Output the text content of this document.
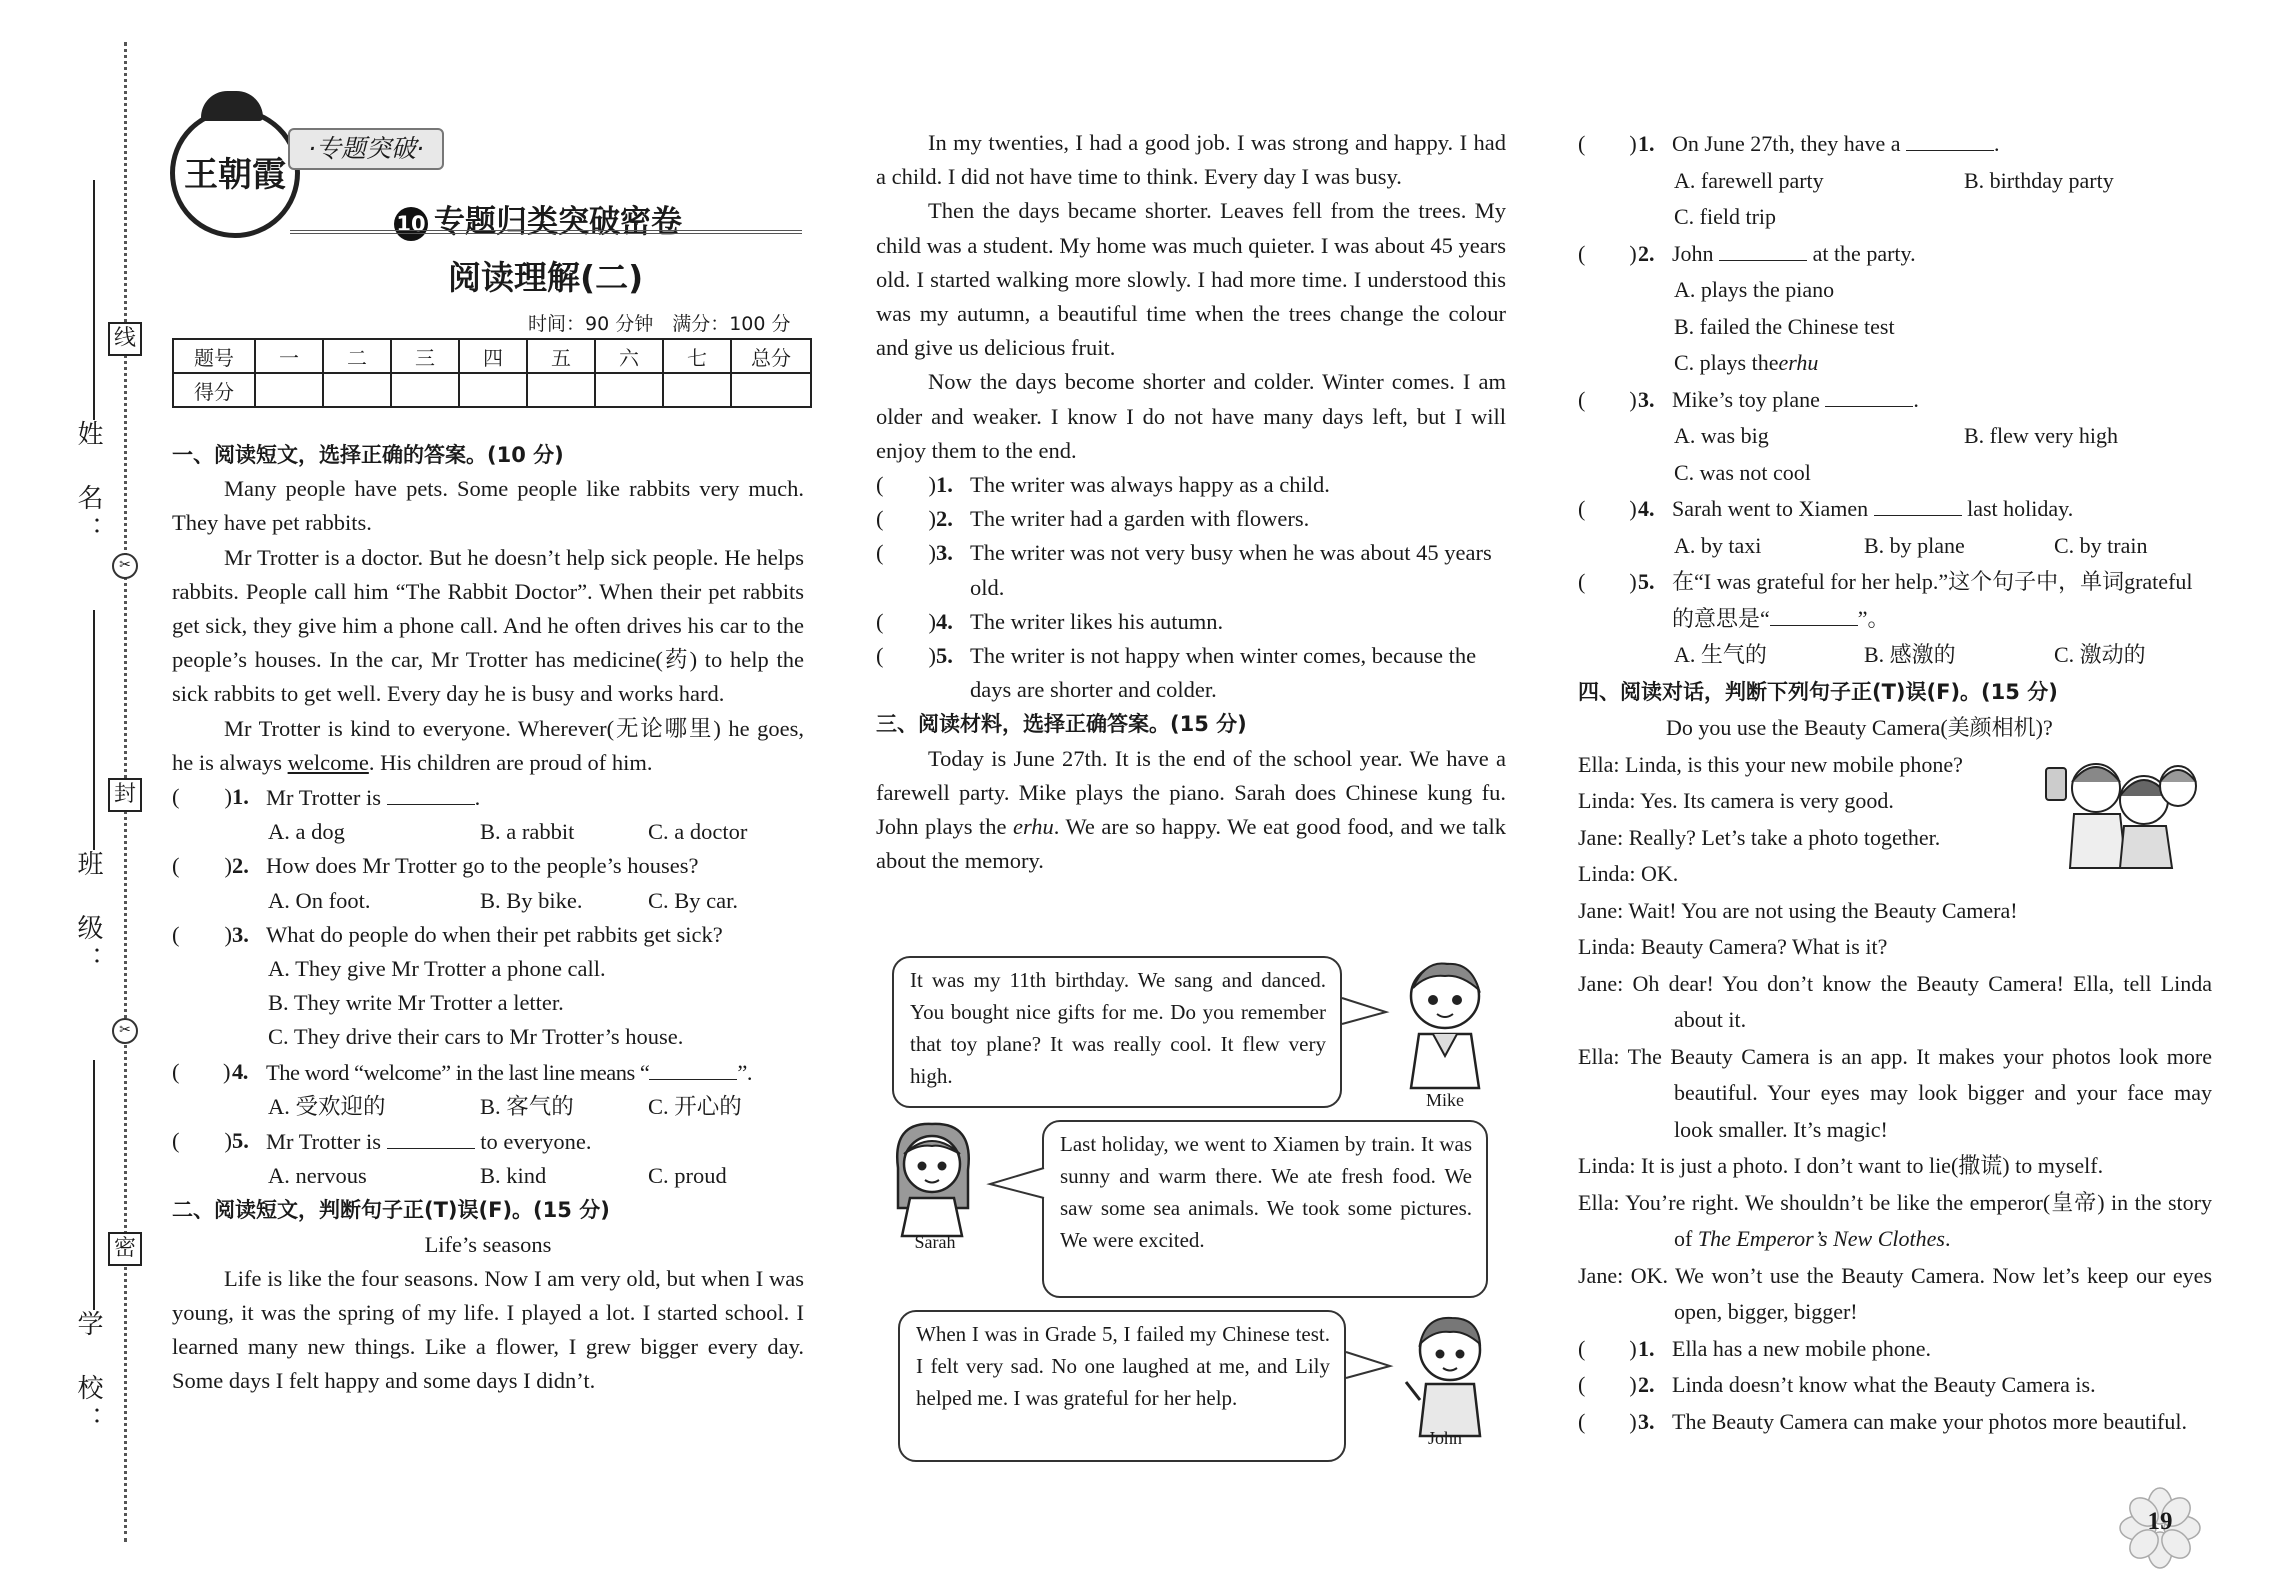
姓　名：
班　级：
学　校：
线
封
密
✂
✂
王朝霞
·专题突破·
10 专题归类突破密卷
阅读理解(二)
时间：90 分钟　满分：100 分
题号	一	二	三	四	五	六	七	总分
得分								

一、阅读短文，选择正确的答案。(10 分)

Many people have pets. Some people like rabbits very much. They have pet rabbits.

Mr Trotter is a doctor. But he doesn’t help sick people. He helps rabbits. People call him “The Rabbit Doctor”. When their pet rabbits get sick, they give him a phone call. And he often drives his car to the people’s houses. In the car, Mr Trotter has medicine(药) to help the sick rabbits to get well. Every day he is busy and works hard.

Mr Trotter is kind to everyone. Wherever(无论哪里) he goes, he is always welcome. His children are proud of him.

(　　) 1. Mr Trotter is	.

A. a dog	B. a rabbit	C. a doctor

(　　) 2. How does Mr Trotter go to the people’s houses?

A. On foot.	B. By bike.	C. By car.

(　　) 3. What do people do when their pet rabbits get sick?

A. They give Mr Trotter a phone call.
B. They write Mr Trotter a letter.
C. They drive their cars to Mr Trotter’s house.

(　　) 4. The word “welcome” in the last line means “	”.

A. 受欢迎的	B. 客气的	C. 开心的

(　　) 5. Mr Trotter is	to everyone.

A. nervous	B. kind	C. proud

二、阅读短文，判断句子正(T)误(F)。(15 分)

Life’s seasons

Life is like the four seasons. Now I am very old, but when I was young, it was the spring of my life. I played a lot. I started school. I learned many new things. Like a flower, I grew bigger every day. Some days I felt happy and some days I didn’t.

In my twenties, I had a good job. I was strong and happy. I had a child. I did not have time to think. Every day I was busy.

Then the days became shorter. Leaves fell from the trees. My child was a student. My home was much quieter. I was about 45 years old. I started walking more slowly. I had more time. I understood this was my autumn, a beautiful time when the trees change the colour and give us delicious fruit.

Now the days become shorter and colder. Winter comes. I am older and weaker. I know I do not have many days left, but I will enjoy them to the end.

(　　) 1. The writer was always happy as a child.

(　　) 2. The writer had a garden with flowers.

(　　) 3. The writer was not very busy when he was about 45 years old.

(　　) 4. The writer likes his autumn.

(　　) 5. The writer is not happy when winter comes, because the days are shorter and colder.

三、阅读材料，选择正确答案。(15 分)

Today is June 27th. It is the end of the school year. We have a farewell party. Mike plays the piano. Sarah does Chinese kung fu. John plays the erhu. We are so happy. We eat good food, and we talk about the memory.

It was my 11th birthday. We sang and danced. You bought nice gifts for me. Do you remember that toy plane? It was really cool. It flew very high.
Last holiday, we went to Xiamen by train. It was sunny and warm there. We ate fresh food. We saw some sea animals. We took some pictures. We were excited.
When I was in Grade 5, I failed my Chinese test. I felt very sad. No one laughed at me, and Lily helped me. I was grateful for her help.
Mike
Sarah
John

(　　) 1. On June 27th, they have a	.

A. farewell party	B. birthday party
C. field trip

(　　) 2. John	at the party.

A. plays the piano
B. failed the Chinese test
C. plays the erhu

(　　) 3. Mike’s toy plane	.

A. was big	B. flew very high
C. was not cool

(　　) 4. Sarah went to Xiamen	last holiday.

A. by taxi	B. by plane	C. by train

(　　) 5. 在“I was grateful for her help.”这个句子中，单词grateful的意思是“	”。

A. 生气的	B. 感激的	C. 激动的

四、阅读对话，判断下列句子正(T)误(F)。(15 分)

Do you use the Beauty Camera(美颜相机)?

Ella: Linda, is this your new mobile phone?

Linda: Yes. Its camera is very good.

Jane: Really? Let’s take a photo together.

Linda: OK.

Jane: Wait! You are not using the Beauty Camera!

Linda: Beauty Camera? What is it?

Jane: Oh dear! You don’t know the Beauty Camera! Ella, tell Linda about it.

Ella: The Beauty Camera is an app. It makes your photos look more beautiful. Your eyes may look bigger and your face may look smaller. It’s magic!

Linda: It is just a photo. I don’t want to lie(撒谎) to myself.

Ella: You’re right. We shouldn’t be like the emperor(皇帝) in the story of The Emperor’s New Clothes.

Jane: OK. We won’t use the Beauty Camera. Now let’s keep our eyes open, bigger, bigger!

(　　) 1. Ella has a new mobile phone.

(　　) 2. Linda doesn’t know what the Beauty Camera is.

(　　) 3. The Beauty Camera can make your photos more beautiful.

19
